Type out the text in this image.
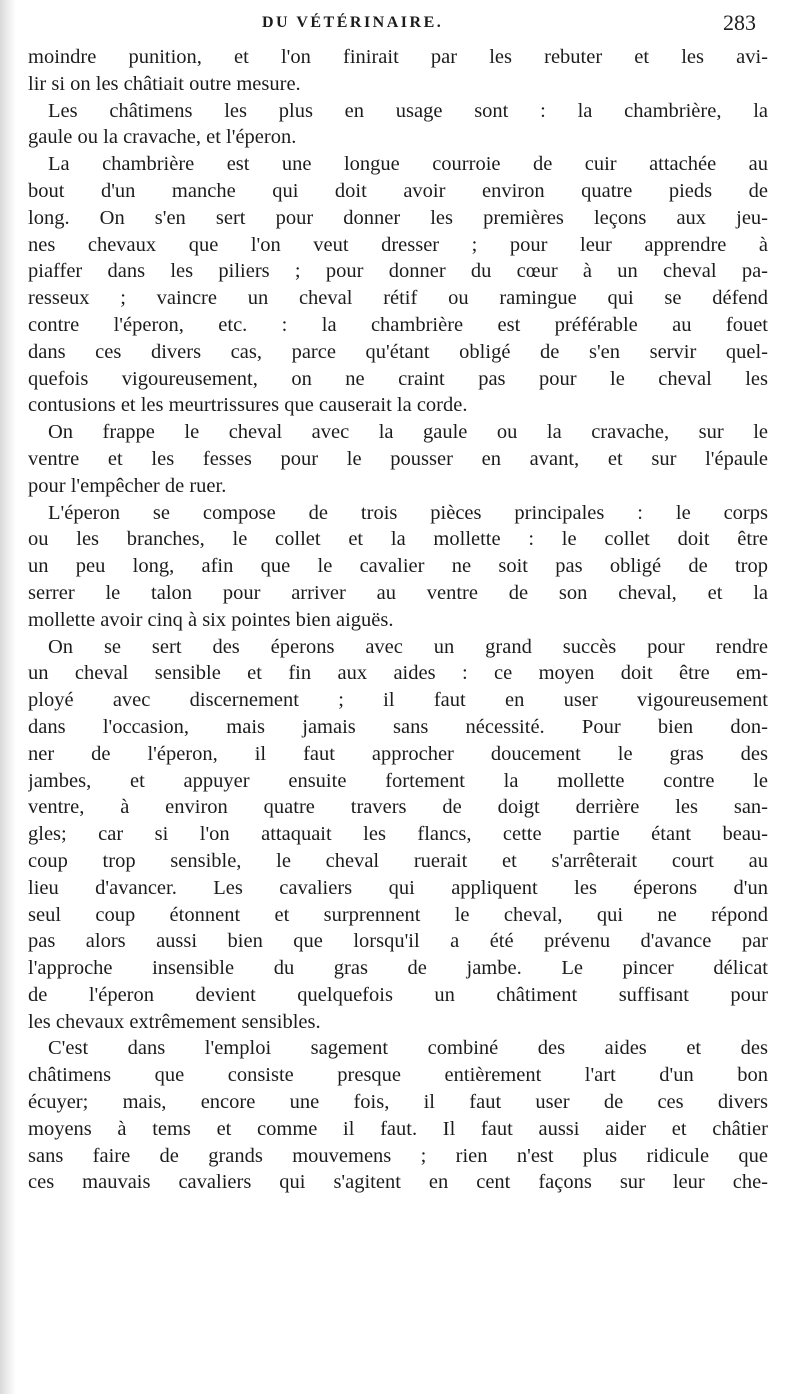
DU VÉTÉRINAIRE.	283
moindre punition, et l'on finirait par les rebuter et les avi-
lir si on les châtiait outre mesure.
Les châtimens les plus en usage sont : la chambrière, la
gaule ou la cravache, et l'éperon.
La chambrière est une longue courroie de cuir attachée au
bout d'un manche qui doit avoir environ quatre pieds de
long. On s'en sert pour donner les premières leçons aux jeu-
nes chevaux que l'on veut dresser ; pour leur apprendre à
piaffer dans les piliers ; pour donner du cœur à un cheval pa-
resseux ; vaincre un cheval rétif ou ramingue qui se défend
contre l'éperon, etc. : la chambrière est préférable au fouet
dans ces divers cas, parce qu'étant obligé de s'en servir quel-
quefois vigoureusement, on ne craint pas pour le cheval les
contusions et les meurtrissures que causerait la corde.
On frappe le cheval avec la gaule ou la cravache, sur le
ventre et les fesses pour le pousser en avant, et sur l'épaule
pour l'empêcher de ruer.
L'éperon se compose de trois pièces principales : le corps
ou les branches, le collet et la mollette : le collet doit être
un peu long, afin que le cavalier ne soit pas obligé de trop
serrer le talon pour arriver au ventre de son cheval, et la
mollette avoir cinq à six pointes bien aiguës.
On se sert des éperons avec un grand succès pour rendre
un cheval sensible et fin aux aides : ce moyen doit être em-
ployé avec discernement ; il faut en user vigoureusement
dans l'occasion, mais jamais sans nécessité. Pour bien don-
ner de l'éperon, il faut approcher doucement le gras des
jambes, et appuyer ensuite fortement la mollette contre le
ventre, à environ quatre travers de doigt derrière les san-
gles; car si l'on attaquait les flancs, cette partie étant beau-
coup trop sensible, le cheval ruerait et s'arrêterait court au
lieu d'avancer. Les cavaliers qui appliquent les éperons d'un
seul coup étonnent et surprennent le cheval, qui ne répond
pas alors aussi bien que lorsqu'il a été prévenu d'avance par
l'approche insensible du gras de jambe. Le pincer délicat
de l'éperon devient quelquefois un châtiment suffisant pour
les chevaux extrêmement sensibles.
C'est dans l'emploi sagement combiné des aides et des
châtimens que consiste presque entièrement l'art d'un bon
écuyer; mais, encore une fois, il faut user de ces divers
moyens à tems et comme il faut. Il faut aussi aider et châtier
sans faire de grands mouvemens ; rien n'est plus ridicule que
ces mauvais cavaliers qui s'agitent en cent façons sur leur che-
